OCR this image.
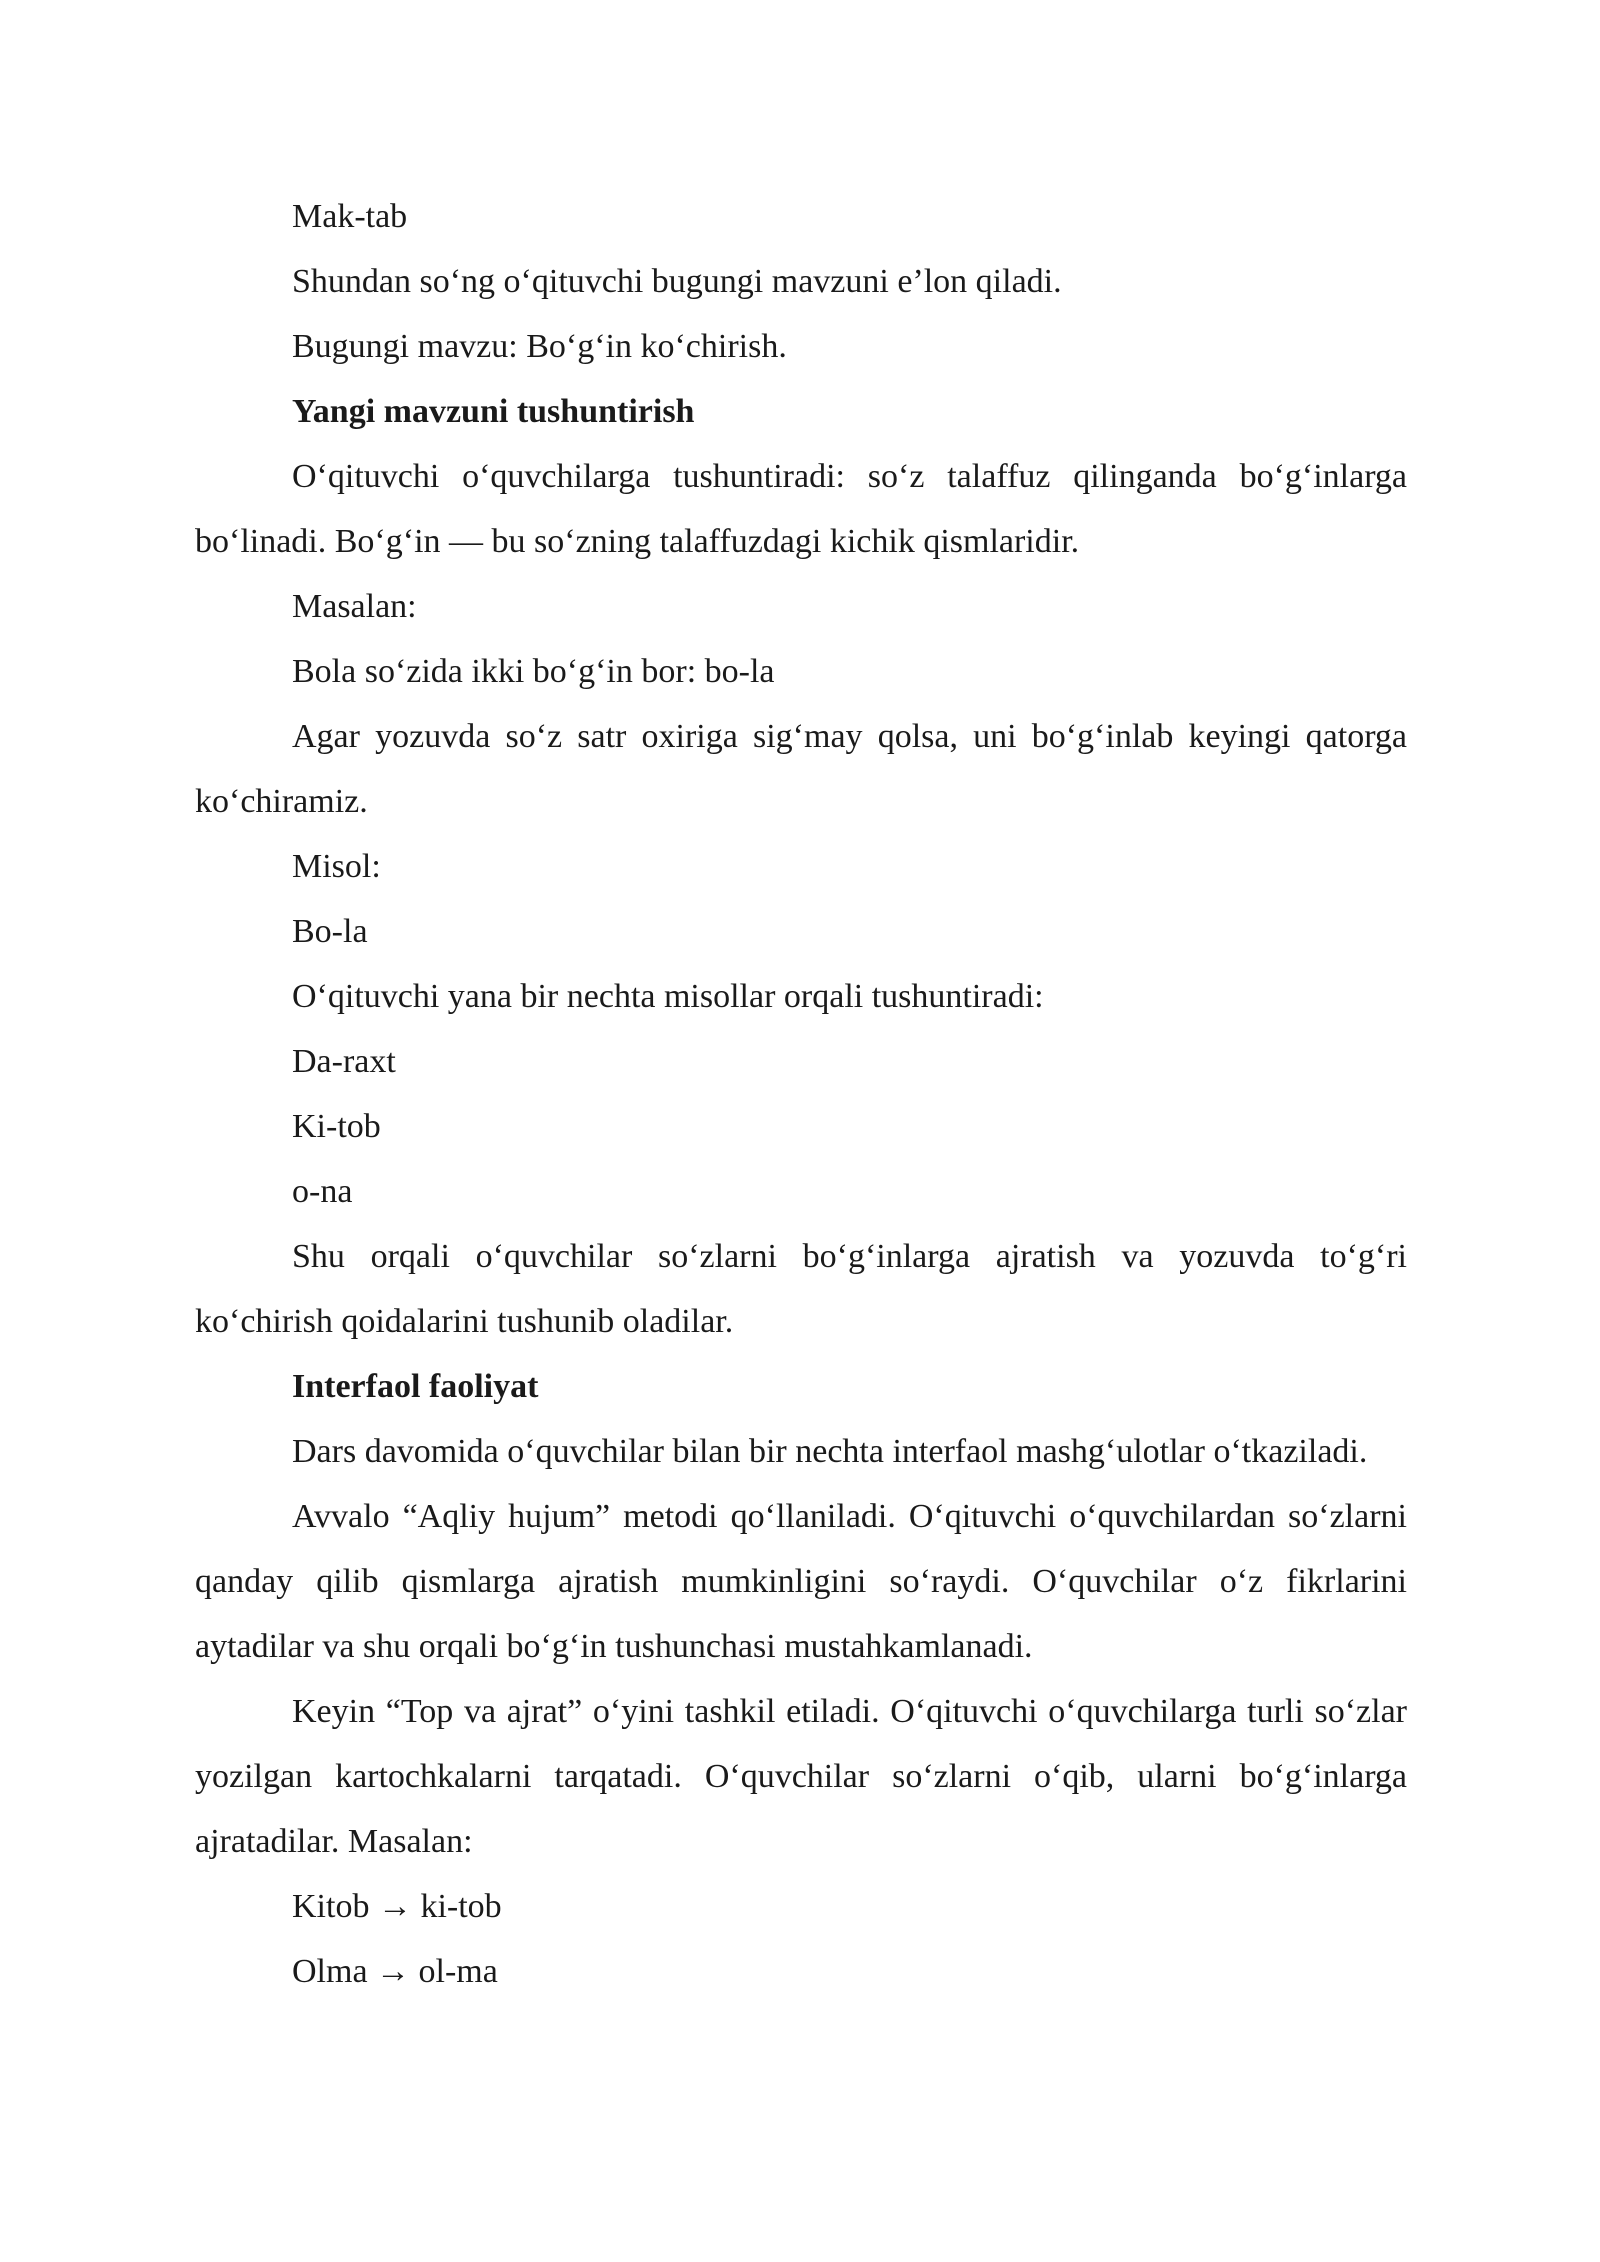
Mak-tab

Shundan so‘ng o‘qituvchi bugungi mavzuni e’lon qiladi.

Bugungi mavzu: Bo‘g‘in ko‘chirish.

Yangi mavzuni tushuntirish

O‘qituvchi o‘quvchilarga tushuntiradi: so‘z talaffuz qilinganda bo‘g‘inlarga bo‘linadi. Bo‘g‘in — bu so‘zning talaffuzdagi kichik qismlaridir.

Masalan:

Bola so‘zida ikki bo‘g‘in bor: bo-la

Agar yozuvda so‘z satr oxiriga sig‘may qolsa, uni bo‘g‘inlab keyingi qatorga ko‘chiramiz.

Misol:

Bo-la

O‘qituvchi yana bir nechta misollar orqali tushuntiradi:

Da-raxt

Ki-tob

o-na

Shu orqali o‘quvchilar so‘zlarni bo‘g‘inlarga ajratish va yozuvda to‘g‘ri ko‘chirish qoidalarini tushunib oladilar.

Interfaol faoliyat

Dars davomida o‘quvchilar bilan bir nechta interfaol mashg‘ulotlar o‘tkaziladi.

Avvalo “Aqliy hujum” metodi qo‘llaniladi. O‘qituvchi o‘quvchilardan so‘zlarni qanday qilib qismlarga ajratish mumkinligini so‘raydi. O‘quvchilar o‘z fikrlarini aytadilar va shu orqali bo‘g‘in tushunchasi mustahkamlanadi.

Keyin “Top va ajrat” o‘yini tashkil etiladi. O‘qituvchi o‘quvchilarga turli so‘zlar yozilgan kartochkalarni tarqatadi. O‘quvchilar so‘zlarni o‘qib, ularni bo‘g‘inlarga ajratadilar. Masalan:

Kitob → ki-tob

Olma → ol-ma
